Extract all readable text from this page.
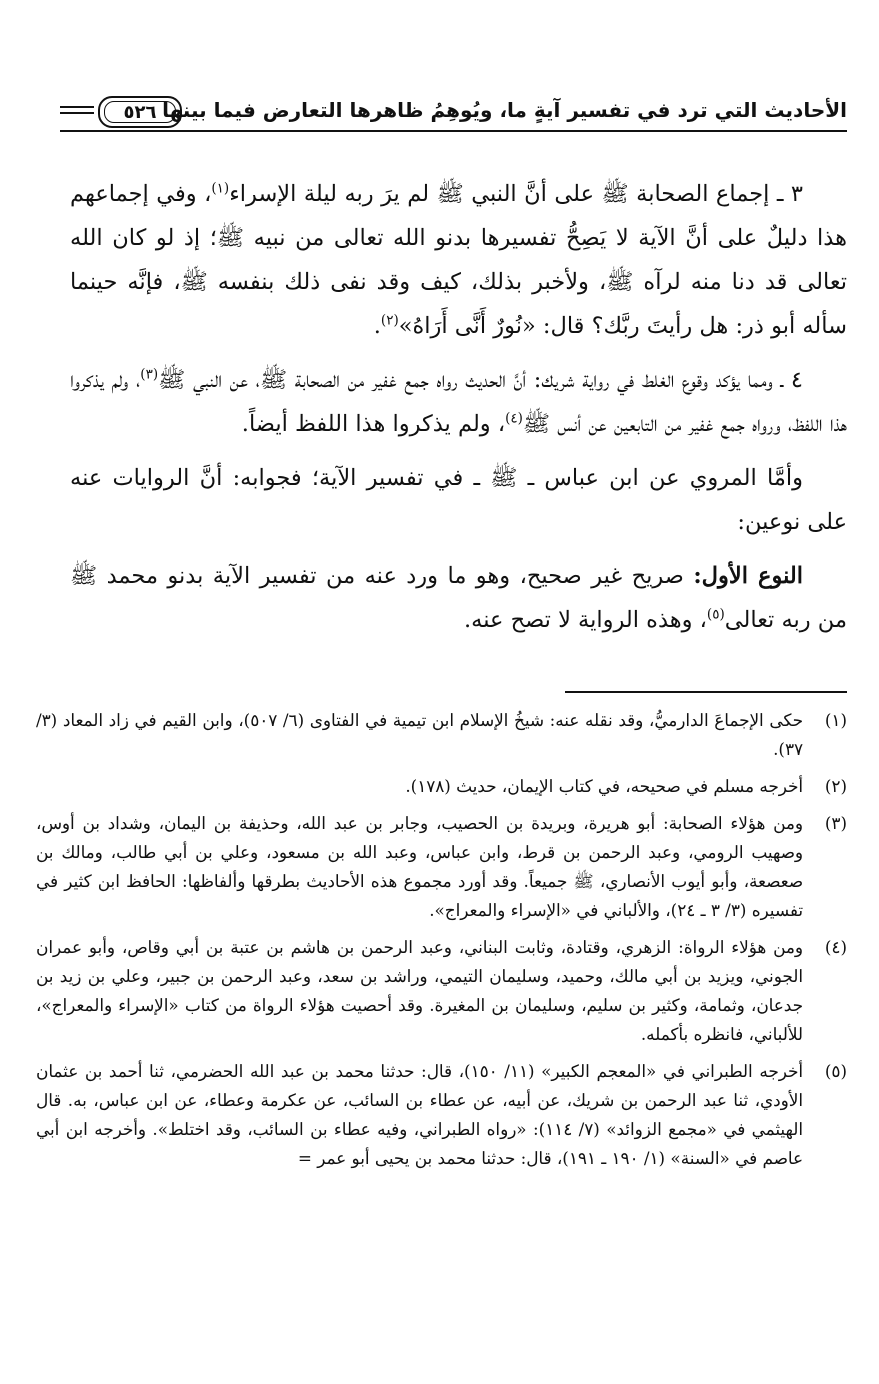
الأحاديث التي ترد في تفسير آيةٍ ما، ويُوهِمُ ظاهرها التعارض فيما بينها
٥٢٦

٣ ـ إجماع الصحابة ﷺ على أنَّ النبي ﷺ لم يرَ ربه ليلة الإسراء$^{(١)}$، وفي إجماعهم هذا دليلٌ على أنَّ الآية لا يَصِحُّ تفسيرها بدنو الله تعالى من نبيه ﷺ؛ إذ لو كان الله تعالى قد دنا منه لرآه ﷺ، ولأخبر بذلك، كيف وقد نفى ذلك بنفسه ﷺ، فإنَّه حينما سأله أبو ذر: هل رأيتَ ربَّك؟ قال: «نُورٌ أَنَّى أَرَاهُ»$^{(٢)}$.

٤ ـ ومما يؤكد وقوع الغلط في رواية شريك: أنَّ الحديث رواه جمع غفير من الصحابة ﷺ، عن النبي ﷺ$^{(٣)}$، ولم يذكروا هذا اللفظ، ورواه جمع غفير من التابعين عن أنس ﷺ$^{(٤)}$، ولم يذكروا هذا اللفظ أيضاً.

وأمَّا المروي عن ابن عباس ـ ﷺ ـ في تفسير الآية؛ فجوابه: أنَّ الروايات عنه على نوعين:

النوع الأول: صريح غير صحيح، وهو ما ورد عنه من تفسير الآية بدنو محمد ﷺ من ربه تعالى$^{(٥)}$، وهذه الرواية لا تصح عنه.

(١)
حكى الإجماعَ الدارميُّ، وقد نقله عنه: شيخُ الإسلام ابن تيمية في الفتاوى (٦/ ٥٠٧)، وابن القيم في زاد المعاد (٣/ ٣٧).
(٢)
أخرجه مسلم في صحيحه، في كتاب الإيمان، حديث (١٧٨).
(٣)
ومن هؤلاء الصحابة: أبو هريرة، وبريدة بن الحصيب، وجابر بن عبد الله، وحذيفة بن اليمان، وشداد بن أوس، وصهيب الرومي، وعبد الرحمن بن قرط، وابن عباس، وعبد الله بن مسعود، وعلي بن أبي طالب، ومالك بن صعصعة، وأبو أيوب الأنصاري، ﷺ جميعاً. وقد أورد مجموع هذه الأحاديث بطرقها وألفاظها: الحافظ ابن كثير في تفسيره (٣/ ٣ ـ ٢٤)، والألباني في «الإسراء والمعراج».
(٤)
ومن هؤلاء الرواة: الزهري، وقتادة، وثابت البناني، وعبد الرحمن بن هاشم بن عتبة بن أبي وقاص، وأبو عمران الجوني، ويزيد بن أبي مالك، وحميد، وسليمان التيمي، وراشد بن سعد، وعبد الرحمن بن جبير، وعلي بن زيد بن جدعان، وثمامة، وكثير بن سليم، وسليمان بن المغيرة. وقد أحصيت هؤلاء الرواة من كتاب «الإسراء والمعراج»، للألباني، فانظره بأكمله.
(٥)
أخرجه الطبراني في «المعجم الكبير» (١١/ ١٥٠)، قال: حدثنا محمد بن عبد الله الحضرمي، ثنا أحمد بن عثمان الأودي، ثنا عبد الرحمن بن شريك، عن أبيه، عن عطاء بن السائب، عن عكرمة وعطاء، عن ابن عباس، به. قال الهيثمي في «مجمع الزوائد» (٧/ ١١٤): «رواه الطبراني، وفيه عطاء بن السائب، وقد اختلط». وأخرجه ابن أبي عاصم في «السنة» (١/ ١٩٠ ـ ١٩١)، قال: حدثنا محمد بن يحيى أبو عمر =
